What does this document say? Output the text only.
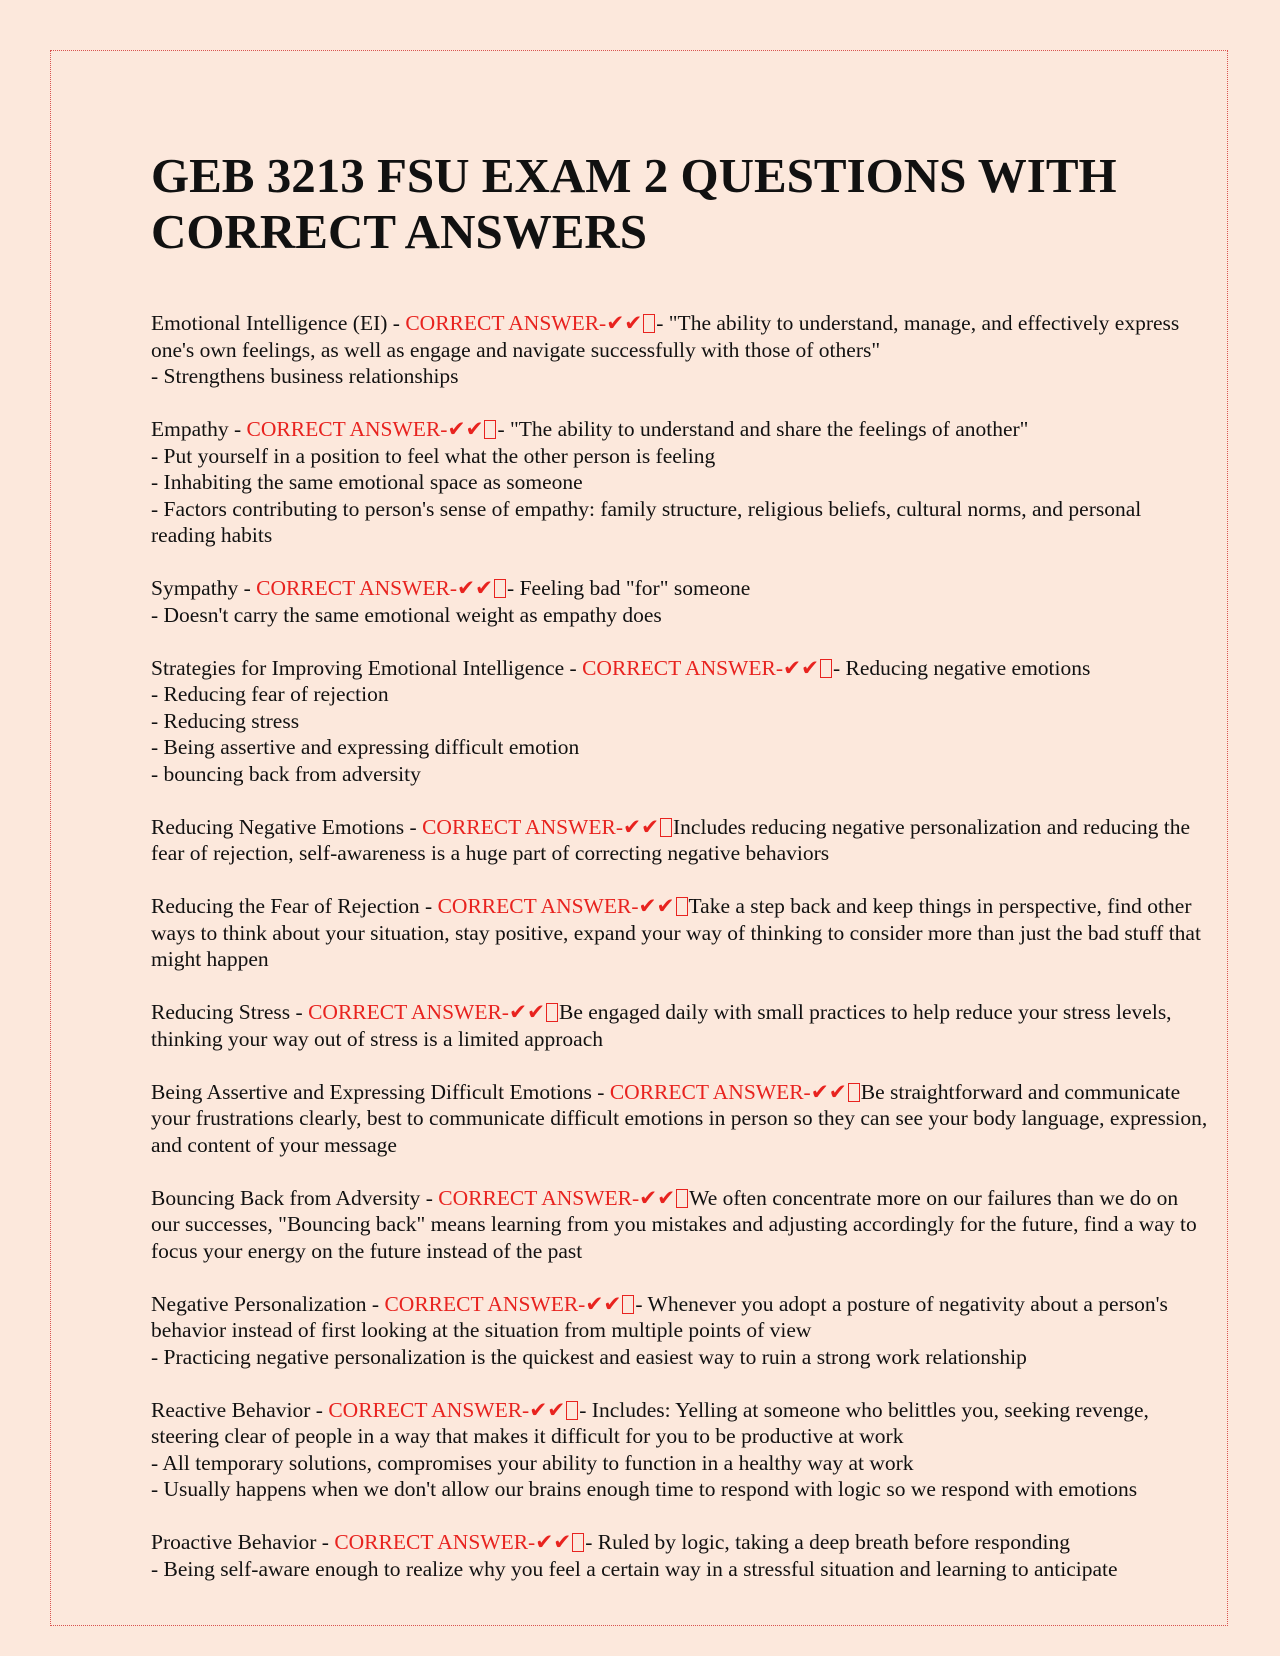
GEB 3213 FSU EXAM 2 QUESTIONS WITH CORRECT ANSWERS
Emotional Intelligence (EI) - CORRECT ANSWER-✔✔ - "The ability to understand, manage, and effectively express one's own feelings, as well as engage and navigate successfully with those of others"
- Strengthens business relationships
Empathy - CORRECT ANSWER-✔✔ - "The ability to understand and share the feelings of another"
- Put yourself in a position to feel what the other person is feeling
- Inhabiting the same emotional space as someone
- Factors contributing to person's sense of empathy: family structure, religious beliefs, cultural norms, and personal reading habits
Sympathy - CORRECT ANSWER-✔✔ - Feeling bad "for" someone
- Doesn't carry the same emotional weight as empathy does
Strategies for Improving Emotional Intelligence - CORRECT ANSWER-✔✔ - Reducing negative emotions
- Reducing fear of rejection
- Reducing stress
- Being assertive and expressing difficult emotion
- bouncing back from adversity
Reducing Negative Emotions - CORRECT ANSWER-✔✔ Includes reducing negative personalization and reducing the fear of rejection, self-awareness is a huge part of correcting negative behaviors
Reducing the Fear of Rejection - CORRECT ANSWER-✔✔ Take a step back and keep things in perspective, find other ways to think about your situation, stay positive, expand your way of thinking to consider more than just the bad stuff that might happen
Reducing Stress - CORRECT ANSWER-✔✔ Be engaged daily with small practices to help reduce your stress levels, thinking your way out of stress is a limited approach
Being Assertive and Expressing Difficult Emotions - CORRECT ANSWER-✔✔ Be straightforward and communicate your frustrations clearly, best to communicate difficult emotions in person so they can see your body language, expression, and content of your message
Bouncing Back from Adversity - CORRECT ANSWER-✔✔ We often concentrate more on our failures than we do on our successes, "Bouncing back" means learning from you mistakes and adjusting accordingly for the future, find a way to focus your energy on the future instead of the past
Negative Personalization - CORRECT ANSWER-✔✔ - Whenever you adopt a posture of negativity about a person's behavior instead of first looking at the situation from multiple points of view
- Practicing negative personalization is the quickest and easiest way to ruin a strong work relationship
Reactive Behavior - CORRECT ANSWER-✔✔ - Includes: Yelling at someone who belittles you, seeking revenge, steering clear of people in a way that makes it difficult for you to be productive at work
- All temporary solutions, compromises your ability to function in a healthy way at work
- Usually happens when we don't allow our brains enough time to respond with logic so we respond with emotions
Proactive Behavior - CORRECT ANSWER-✔✔ - Ruled by logic, taking a deep breath before responding
- Being self-aware enough to realize why you feel a certain way in a stressful situation and learning to anticipate
